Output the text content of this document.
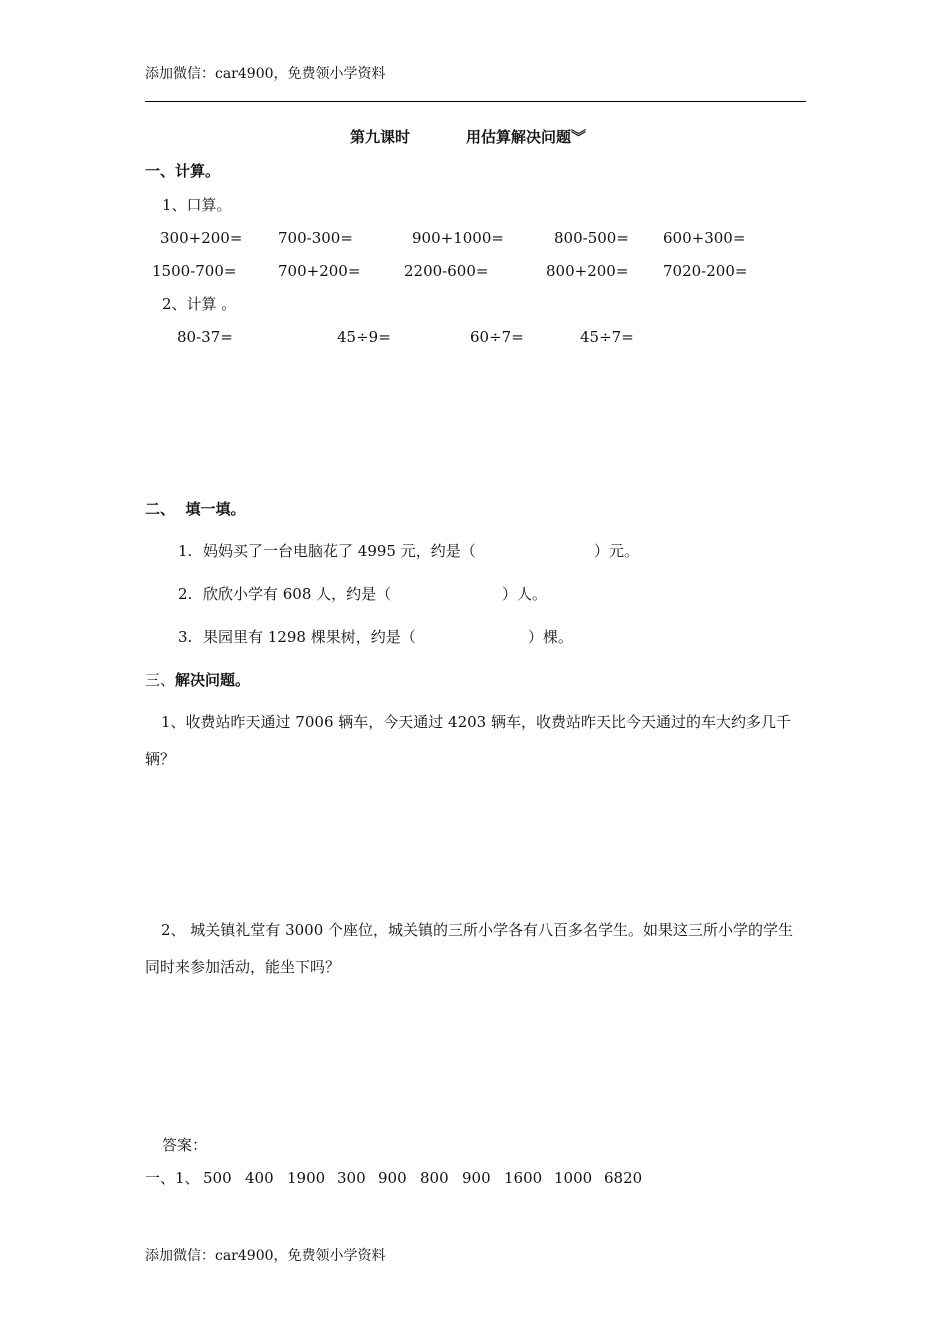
添加微信：car4900，免费领小学资料
第九课时	用估算解决问题︾
一、计算。
1、口算。
300+200= 700-300=	900+1000=	800-500= 600+300=
1500-700=	700+200=	2200-600=	800+200= 7020-200=
2、计算 。
80-37=	45÷9=	60÷7=	45÷7=
二、  填一填。
1. 妈妈买了一台电脑花了 4995 元，约是（	）元。
2. 欣欣小学有 608 人，约是（	）人。
3. 果园里有 1298 棵果树，约是（	）棵。
三、解决问题。
1、收费站昨天通过 7006 辆车，今天通过 4203 辆车，收费站昨天比今天通过的车大约多几千辆？
2、 城关镇礼堂有 3000 个座位，城关镇的三所小学各有八百多名学生。如果这三所小学的学生同时来参加活动，能坐下吗？
答案：
一、1、 500 400 1900 300 900 800 900 1600 1000 6820
添加微信：car4900，免费领小学资料
